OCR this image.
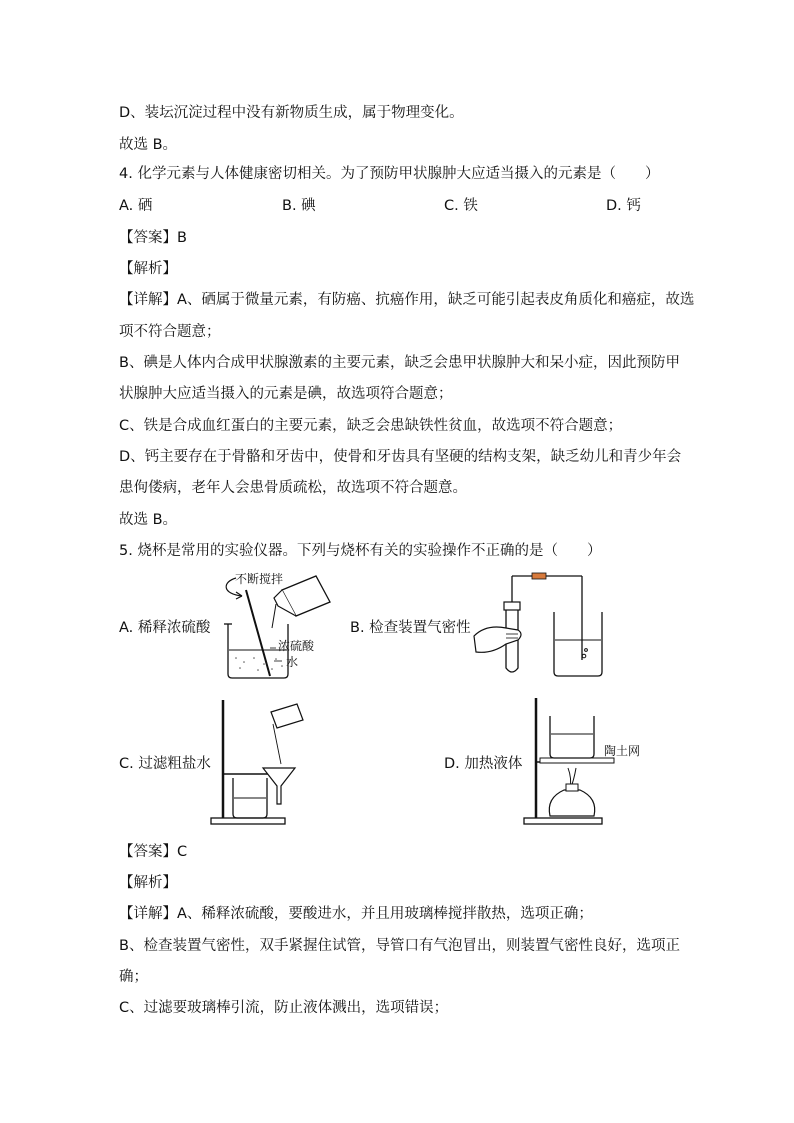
D、装坛沉淀过程中没有新物质生成，属于物理变化。
故选 B。
4. 化学元素与人体健康密切相关。为了预防甲状腺肿大应适当摄入的元素是（　　）
A. 硒	B. 碘	C. 铁	D. 钙
【答案】B
【解析】
【详解】A、硒属于微量元素，有防癌、抗癌作用，缺乏可能引起表皮角质化和癌症，故选
项不符合题意；
B、碘是人体内合成甲状腺激素的主要元素，缺乏会患甲状腺肿大和呆小症，因此预防甲
状腺肿大应适当摄入的元素是碘，故选项符合题意；
C、铁是合成血红蛋白的主要元素，缺乏会患缺铁性贫血，故选项不符合题意；
D、钙主要存在于骨骼和牙齿中，使骨和牙齿具有坚硬的结构支架，缺乏幼儿和青少年会
患佝偻病，老年人会患骨质疏松，故选项不符合题意。
故选 B。
5. 烧杯是常用的实验仪器。下列与烧杯有关的实验操作不正确的是（　　）
A. 稀释浓硫酸	B. 检查装置气密性
C. 过滤粗盐水	D. 加热液体
不断搅拌
浓硫酸
水
陶土网
【答案】C
【解析】
【详解】A、稀释浓硫酸，要酸进水，并且用玻璃棒搅拌散热，选项正确；
B、检查装置气密性，双手紧握住试管，导管口有气泡冒出，则装置气密性良好，选项正
确；
C、过滤要玻璃棒引流，防止液体溅出，选项错误；
